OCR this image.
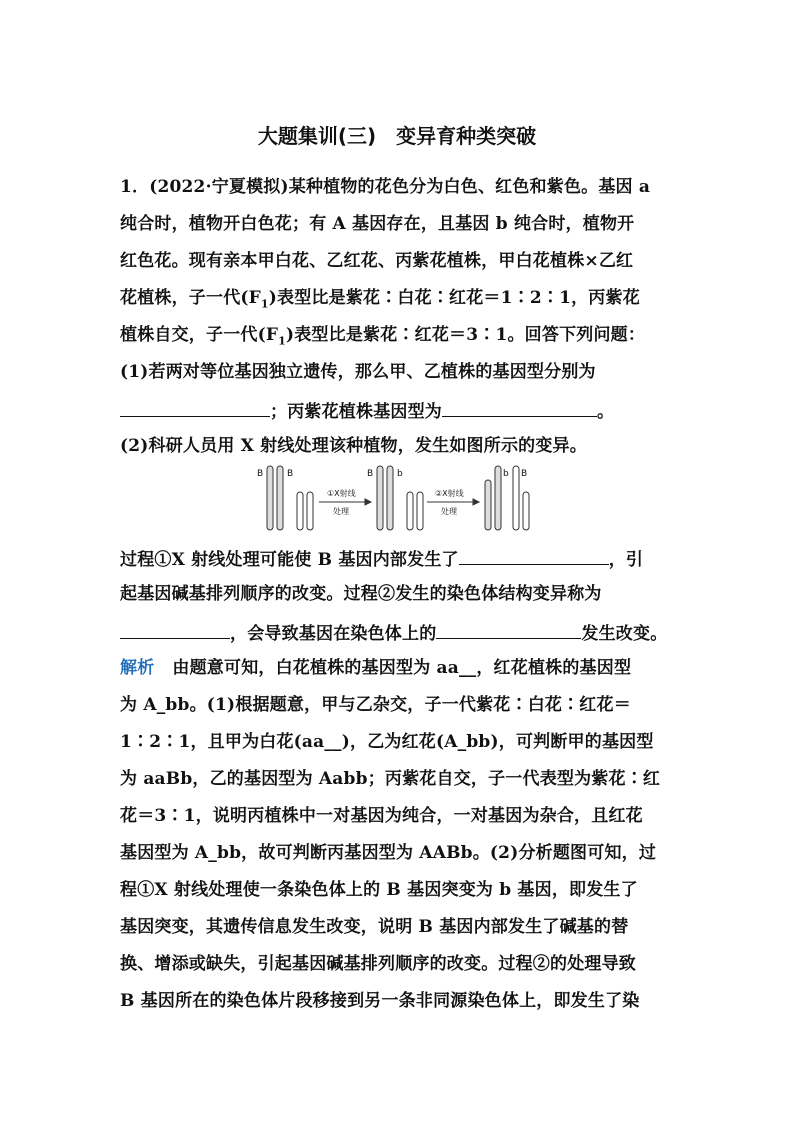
大题集训(三)　变异育种类突破
1．(2022·宁夏模拟)某种植物的花色分为白色、红色和紫色。基因 a
纯合时，植物开白色花；有 A 基因存在，且基因 b 纯合时，植物开
红色花。现有亲本甲白花、乙红花、丙紫花植株，甲白花植株×乙红
花植株，子一代$(F_1)$表型比是紫花∶白花∶红花＝1∶2∶1，丙紫花
植株自交，子一代$(F_1)$表型比是紫花∶红花＝3∶1。回答下列问题：
(1)若两对等位基因独立遗传，那么甲、乙植株的基因型分别为
；丙紫花植株基因型为	。
(2)科研人员用 X 射线处理该种植物，发生如图所示的变异。
B	B	B	b	b B
①X射线
处理
②X射线
处理
过程①X 射线处理可能使 B 基因内部发生了	，引
起基因碱基排列顺序的改变。过程②发生的染色体结构变异称为
，会导致基因在染色体上的	发生改变。
解析 由题意可知，白花植株的基因型为 aa__，红花植株的基因型
为 A_bb。(1)根据题意，甲与乙杂交，子一代紫花∶白花∶红花＝
1∶2∶1，且甲为白花(aa__)，乙为红花(A_bb)，可判断甲的基因型
为 aaBb，乙的基因型为 Aabb；丙紫花自交，子一代表型为紫花∶红
花＝3∶1，说明丙植株中一对基因为纯合，一对基因为杂合，且红花
基因型为 A_bb，故可判断丙基因型为 AABb。(2)分析题图可知，过
程①X 射线处理使一条染色体上的 B 基因突变为 b 基因，即发生了
基因突变，其遗传信息发生改变，说明 B 基因内部发生了碱基的替
换、增添或缺失，引起基因碱基排列顺序的改变。过程②的处理导致
B 基因所在的染色体片段移接到另一条非同源染色体上，即发生了染
